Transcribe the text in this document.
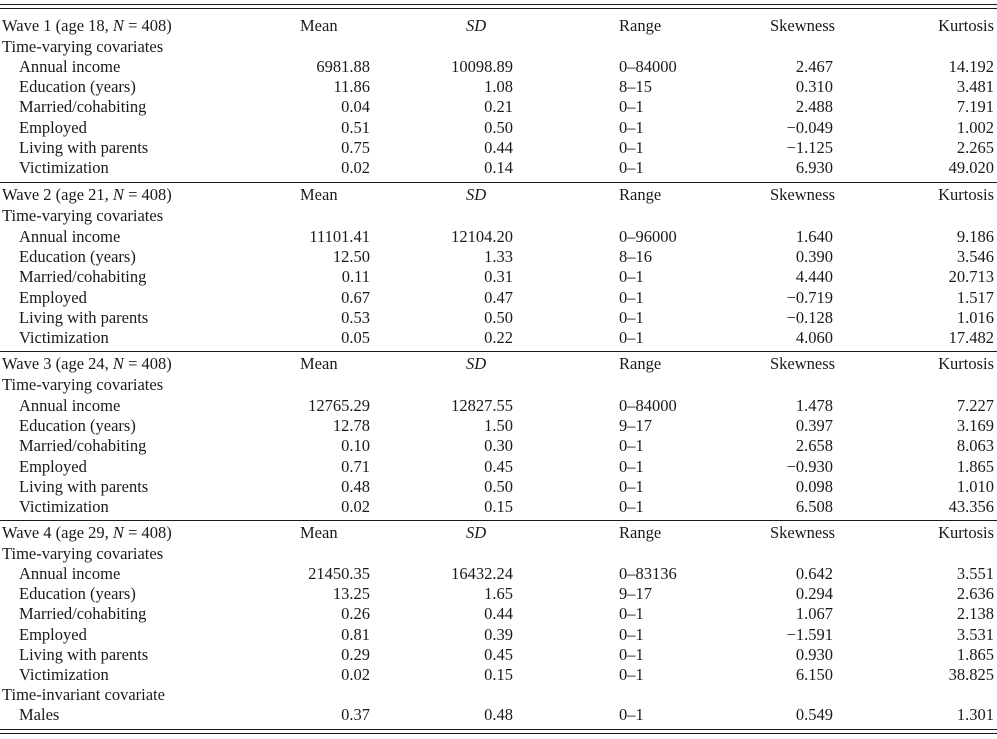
Wave 1 (age 18, N = 408)	Mean	SD	Range	Skewness	Kurtosis
Time-varying covariates
Annual income	6981.88	10098.89	0–84000	2.467	14.192
Education (years)	11.86	1.08	8–15	0.310	3.481
Married/cohabiting	0.04	0.21	0–1	2.488	7.191
Employed	0.51	0.50	0–1	−0.049	1.002
Living with parents	0.75	0.44	0–1	−1.125	2.265
Victimization	0.02	0.14	0–1	6.930	49.020
Wave 2 (age 21, N = 408)	Mean	SD	Range	Skewness	Kurtosis
Time-varying covariates
Annual income	11101.41	12104.20	0–96000	1.640	9.186
Education (years)	12.50	1.33	8–16	0.390	3.546
Married/cohabiting	0.11	0.31	0–1	4.440	20.713
Employed	0.67	0.47	0–1	−0.719	1.517
Living with parents	0.53	0.50	0–1	−0.128	1.016
Victimization	0.05	0.22	0–1	4.060	17.482
Wave 3 (age 24, N = 408)	Mean	SD	Range	Skewness	Kurtosis
Time-varying covariates
Annual income	12765.29	12827.55	0–84000	1.478	7.227
Education (years)	12.78	1.50	9–17	0.397	3.169
Married/cohabiting	0.10	0.30	0–1	2.658	8.063
Employed	0.71	0.45	0–1	−0.930	1.865
Living with parents	0.48	0.50	0–1	0.098	1.010
Victimization	0.02	0.15	0–1	6.508	43.356
Wave 4 (age 29, N = 408)	Mean	SD	Range	Skewness	Kurtosis
Time-varying covariates
Annual income	21450.35	16432.24	0–83136	0.642	3.551
Education (years)	13.25	1.65	9–17	0.294	2.636
Married/cohabiting	0.26	0.44	0–1	1.067	2.138
Employed	0.81	0.39	0–1	−1.591	3.531
Living with parents	0.29	0.45	0–1	0.930	1.865
Victimization	0.02	0.15	0–1	6.150	38.825
Time-invariant covariate
Males	0.37	0.48	0–1	0.549	1.301
